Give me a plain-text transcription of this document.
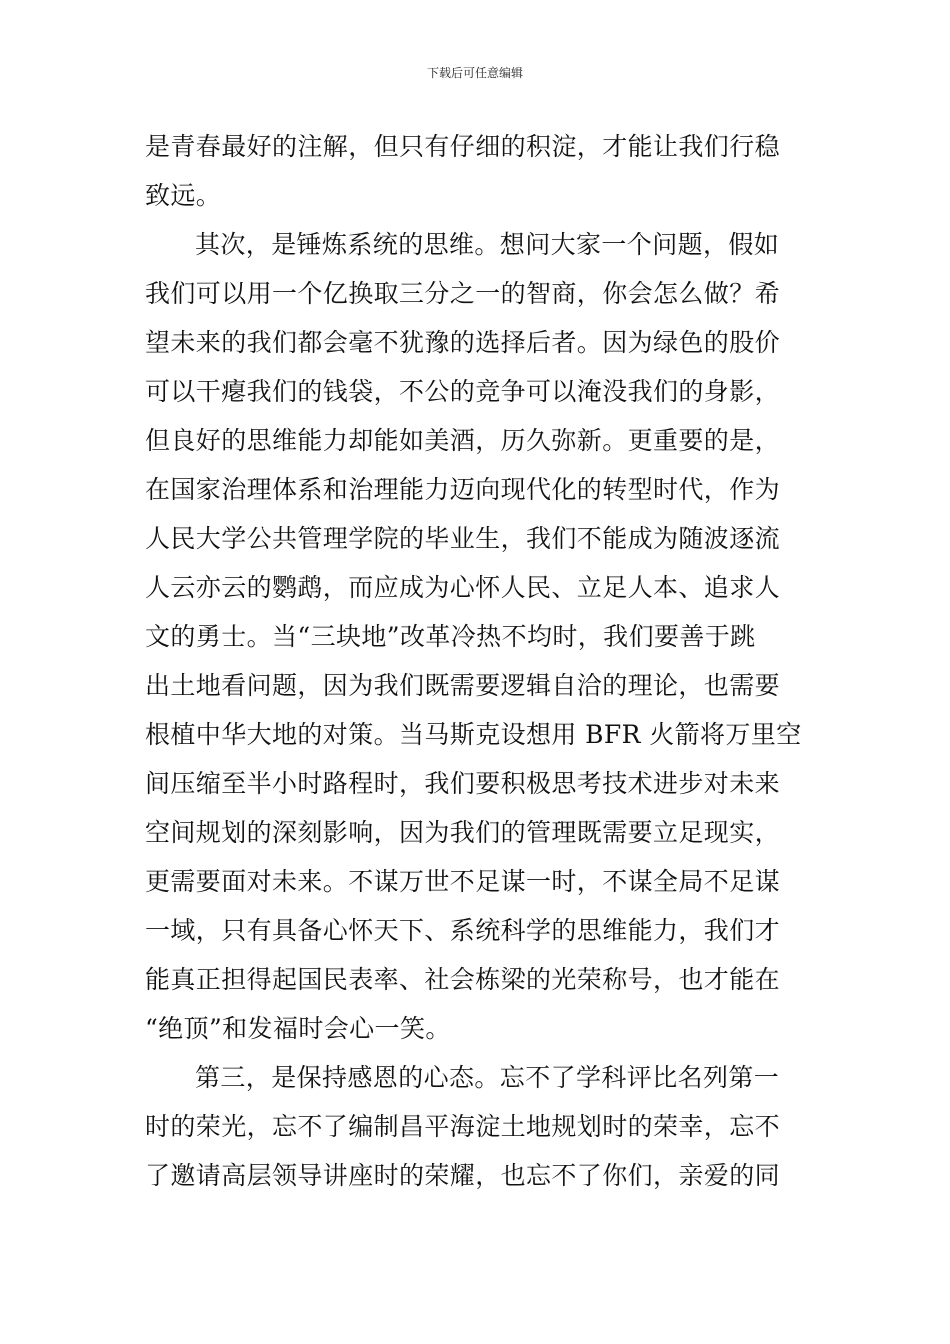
下载后可任意编辑
是青春最好的注解，但只有仔细的积淀，才能让我们行稳
致远。
其次，是锤炼系统的思维。想问大家一个问题，假如
我们可以用一个亿换取三分之一的智商，你会怎么做？希
望未来的我们都会毫不犹豫的选择后者。因为绿色的股价
可以干瘪我们的钱袋，不公的竞争可以淹没我们的身影，
但良好的思维能力却能如美酒，历久弥新。更重要的是，
在国家治理体系和治理能力迈向现代化的转型时代，作为
人民大学公共管理学院的毕业生，我们不能成为随波逐流
人云亦云的鹦鹉，而应成为心怀人民、立足人本、追求人
文的勇士。当“三块地”改革冷热不均时，我们要善于跳
出土地看问题，因为我们既需要逻辑自洽的理论，也需要
根植中华大地的对策。当马斯克设想用 BFR 火箭将万里空
间压缩至半小时路程时，我们要积极思考技术进步对未来
空间规划的深刻影响，因为我们的管理既需要立足现实，
更需要面对未来。不谋万世不足谋一时，不谋全局不足谋
一域，只有具备心怀天下、系统科学的思维能力，我们才
能真正担得起国民表率、社会栋梁的光荣称号，也才能在
“绝顶”和发福时会心一笑。
第三，是保持感恩的心态。忘不了学科评比名列第一
时的荣光，忘不了编制昌平海淀土地规划时的荣幸，忘不
了邀请高层领导讲座时的荣耀，也忘不了你们，亲爱的同
